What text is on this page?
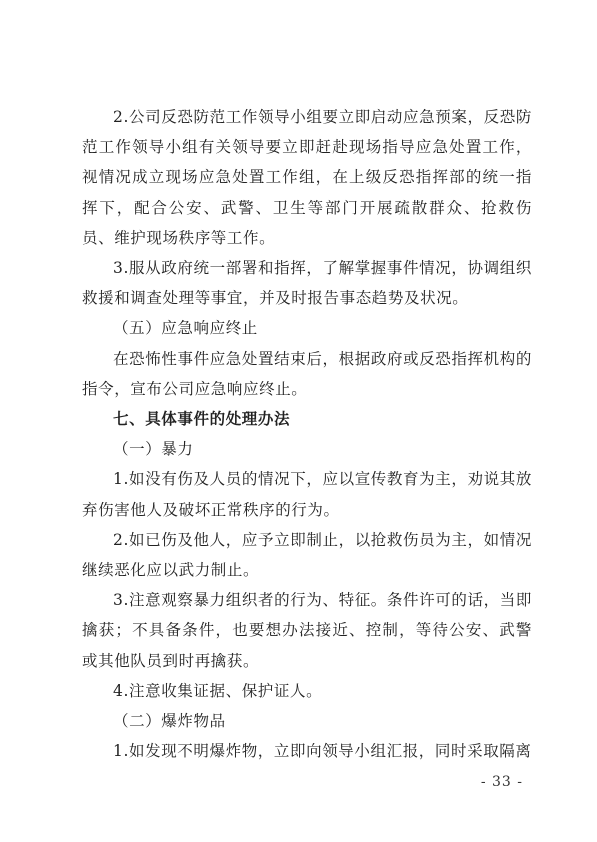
2.公司反恐防范工作领导小组要立即启动应急预案，反恐防范工作领导小组有关领导要立即赶赴现场指导应急处置工作，视情况成立现场应急处置工作组，在上级反恐指挥部的统一指挥下，配合公安、武警、卫生等部门开展疏散群众、抢救伤员、维护现场秩序等工作。

3.服从政府统一部署和指挥，了解掌握事件情况，协调组织救援和调查处理等事宜，并及时报告事态趋势及状况。

（五）应急响应终止

在恐怖性事件应急处置结束后，根据政府或反恐指挥机构的指令，宣布公司应急响应终止。

七、具体事件的处理办法

（一）暴力

1.如没有伤及人员的情况下，应以宣传教育为主，劝说其放弃伤害他人及破坏正常秩序的行为。

2.如已伤及他人，应予立即制止，以抢救伤员为主，如情况继续恶化应以武力制止。

3.注意观察暴力组织者的行为、特征。条件许可的话，当即擒获；不具备条件，也要想办法接近、控制，等待公安、武警或其他队员到时再擒获。

4.注意收集证据、保护证人。

（二）爆炸物品

1.如发现不明爆炸物，立即向领导小组汇报，同时采取隔离

- 33 -
